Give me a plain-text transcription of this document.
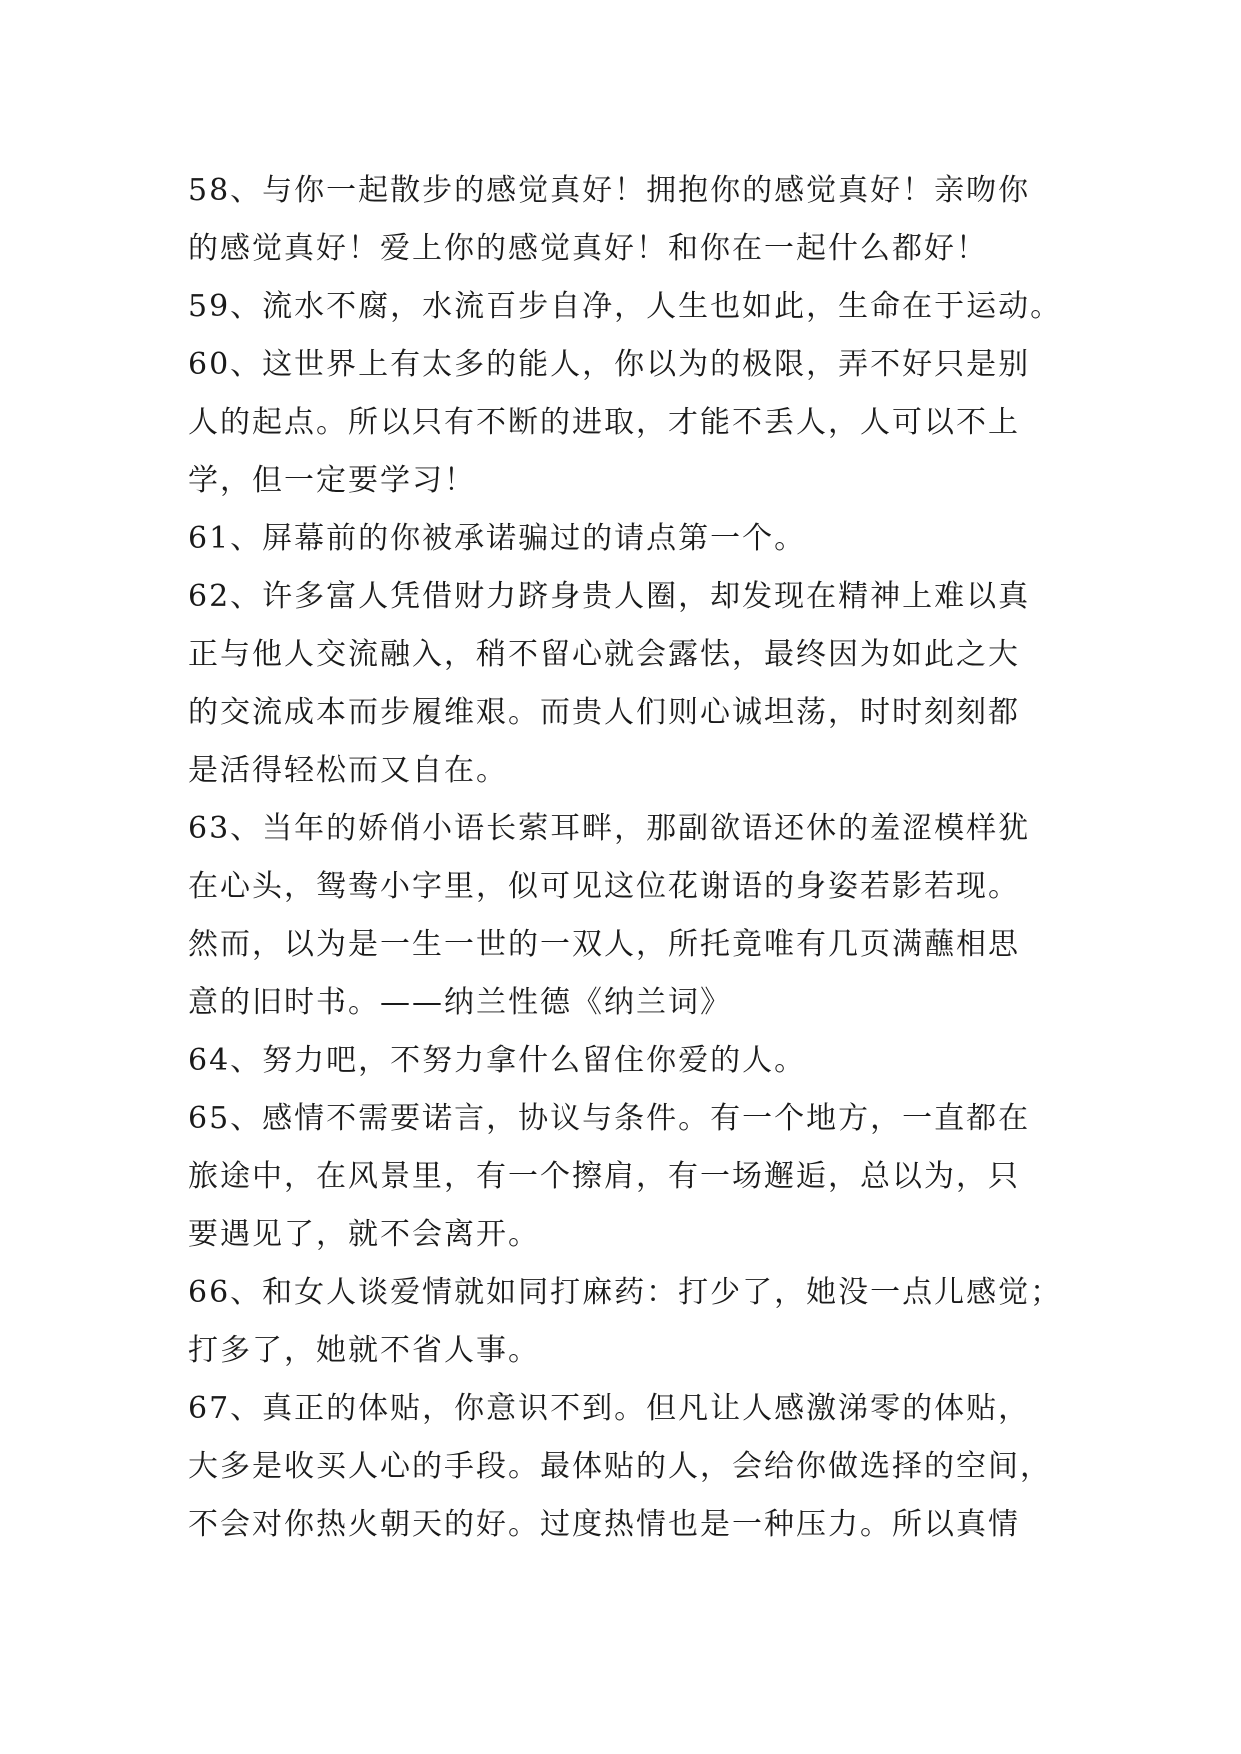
58、与你一起散步的感觉真好！拥抱你的感觉真好！亲吻你
的感觉真好！爱上你的感觉真好！和你在一起什么都好！
59、流水不腐，水流百步自净，人生也如此，生命在于运动。
60、这世界上有太多的能人，你以为的极限，弄不好只是别
人的起点。所以只有不断的进取，才能不丢人，人可以不上
学，但一定要学习！
61、屏幕前的你被承诺骗过的请点第一个。
62、许多富人凭借财力跻身贵人圈，却发现在精神上难以真
正与他人交流融入，稍不留心就会露怯，最终因为如此之大
的交流成本而步履维艰。而贵人们则心诚坦荡，时时刻刻都
是活得轻松而又自在。
63、当年的娇俏小语长萦耳畔，那副欲语还休的羞涩模样犹
在心头，鸳鸯小字里，似可见这位花谢语的身姿若影若现。
然而，以为是一生一世的一双人，所托竟唯有几页满蘸相思
意的旧时书。——纳兰性德《纳兰词》
64、努力吧，不努力拿什么留住你爱的人。
65、感情不需要诺言，协议与条件。有一个地方，一直都在
旅途中，在风景里，有一个擦肩，有一场邂逅，总以为，只
要遇见了，就不会离开。
66、和女人谈爱情就如同打麻药：打少了，她没一点儿感觉；
打多了，她就不省人事。
67、真正的体贴，你意识不到。但凡让人感激涕零的体贴，
大多是收买人心的手段。最体贴的人，会给你做选择的空间，
不会对你热火朝天的好。过度热情也是一种压力。所以真情
